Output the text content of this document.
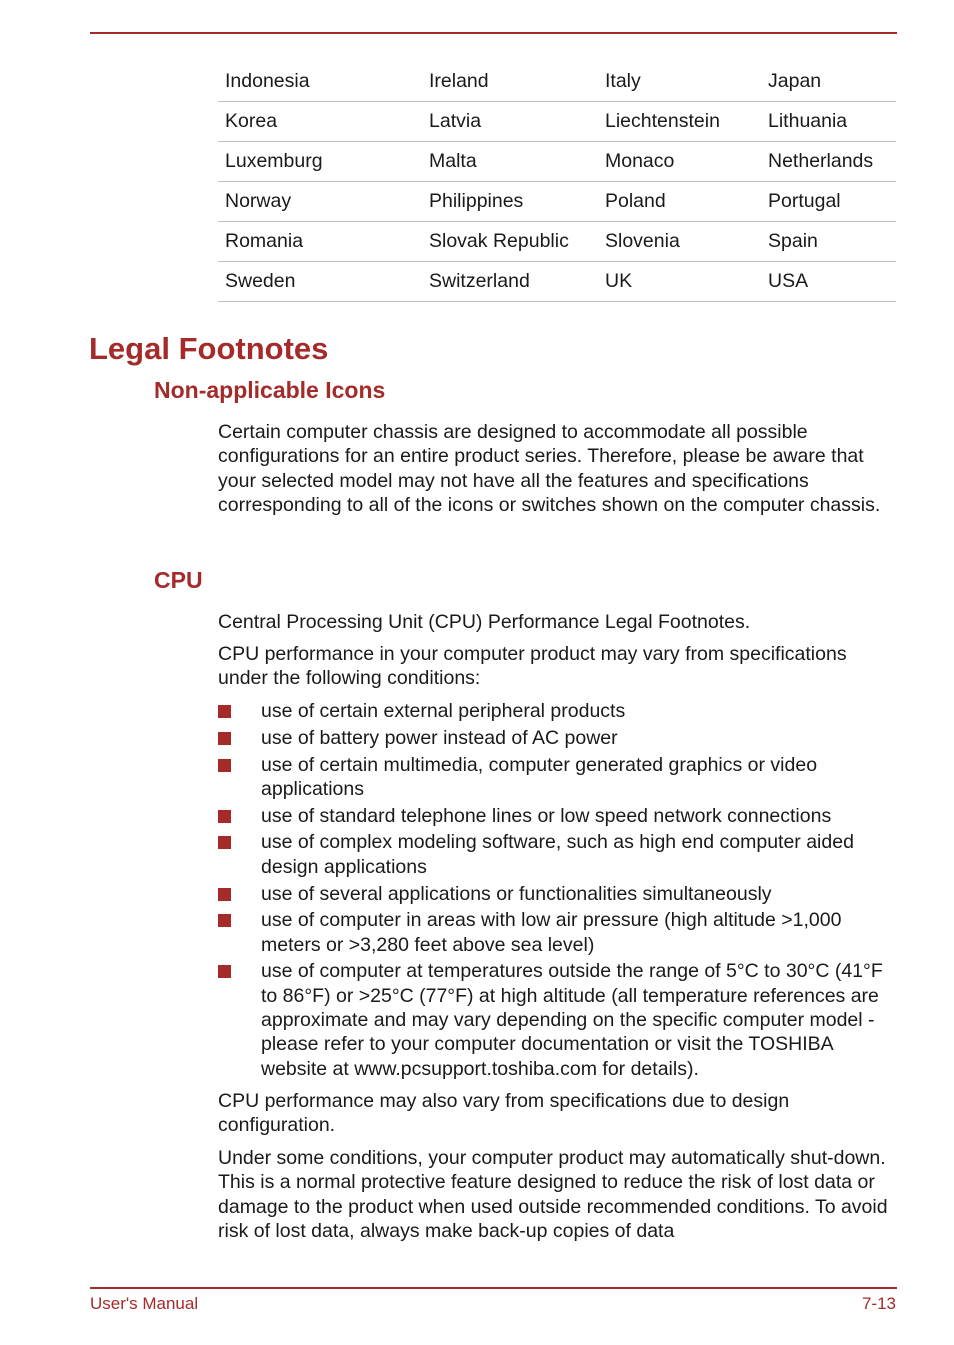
Indonesia	Ireland	Italy	Japan
Korea	Latvia	Liechtenstein	Lithuania
Luxemburg	Malta	Monaco	Netherlands
Norway	Philippines	Poland	Portugal
Romania	Slovak Republic	Slovenia	Spain
Sweden	Switzerland	UK	USA
Legal Footnotes
Non-applicable Icons

Certain computer chassis are designed to accommodate all possible configurations for an entire product series. Therefore, please be aware that your selected model may not have all the features and specifications corresponding to all of the icons or switches shown on the computer chassis.

CPU

Central Processing Unit (CPU) Performance Legal Footnotes.

CPU performance in your computer product may vary from specifications under the following conditions:

use of certain external peripheral products
use of battery power instead of AC power
use of certain multimedia, computer generated graphics or video applications
use of standard telephone lines or low speed network connections
use of complex modeling software, such as high end computer aided design applications
use of several applications or functionalities simultaneously
use of computer in areas with low air pressure (high altitude >1,000 meters or >3,280 feet above sea level)
use of computer at temperatures outside the range of 5°C to 30°C (41°F to 86°F) or >25°C (77°F) at high altitude (all temperature references are approximate and may vary depending on the specific computer model - please refer to your computer documentation or visit the TOSHIBA website at www.pcsupport.toshiba.com for details).

CPU performance may also vary from specifications due to design configuration.

Under some conditions, your computer product may automatically shut-down. This is a normal protective feature designed to reduce the risk of lost data or damage to the product when used outside recommended conditions. To avoid risk of lost data, always make back-up copies of data

User's Manual	7-13
